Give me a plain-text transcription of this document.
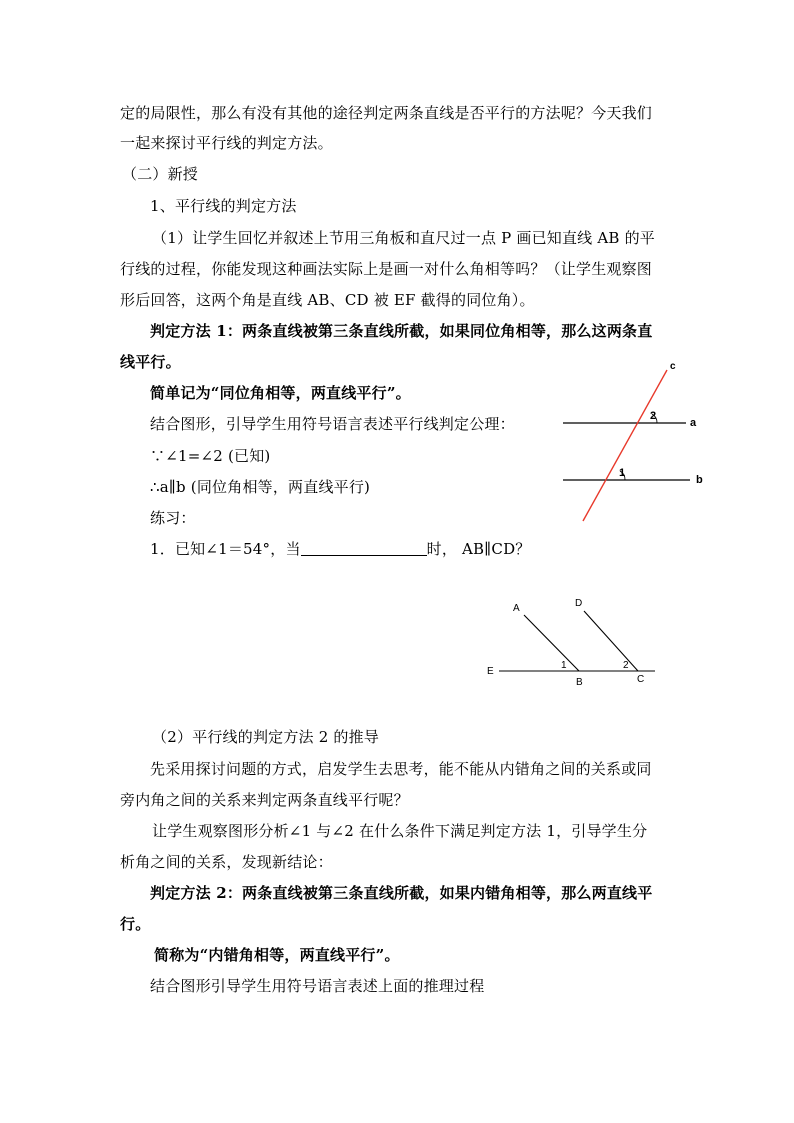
定的局限性，那么有没有其他的途径判定两条直线是否平行的方法呢？今天我们
一起来探讨平行线的判定方法。
（二）新授
1、平行线的判定方法
（1）让学生回忆并叙述上节用三角板和直尺过一点 P 画已知直线 AB 的平
行线的过程，你能发现这种画法实际上是画一对什么角相等吗？（让学生观察图
形后回答，这两个角是直线 AB、CD 被 EF 截得的同位角）。
判定方法 1：两条直线被第三条直线所截，如果同位角相等，那么这两条直
线平行。
简单记为“同位角相等，两直线平行”。
结合图形，引导学生用符号语言表述平行线判定公理：
∵∠1=∠2 (已知)
∴a∥b (同位角相等，两直线平行)
练习：
1．已知∠1＝54°，当	时， AB∥CD？
（2）平行线的判定方法 2 的推导
先采用探讨问题的方式，启发学生去思考，能不能从内错角之间的关系或同
旁内角之间的关系来判定两条直线平行呢？
让学生观察图形分析∠1 与∠2 在什么条件下满足判定方法 1，引导学生分
析角之间的关系，发现新结论：
判定方法 2：两条直线被第三条直线所截，如果内错角相等，那么两直线平
行。
简称为“内错角相等，两直线平行”。
结合图形引导学生用符号语言表述上面的推理过程
c
a
b
2
1
A	D
E
B	C
1	2
